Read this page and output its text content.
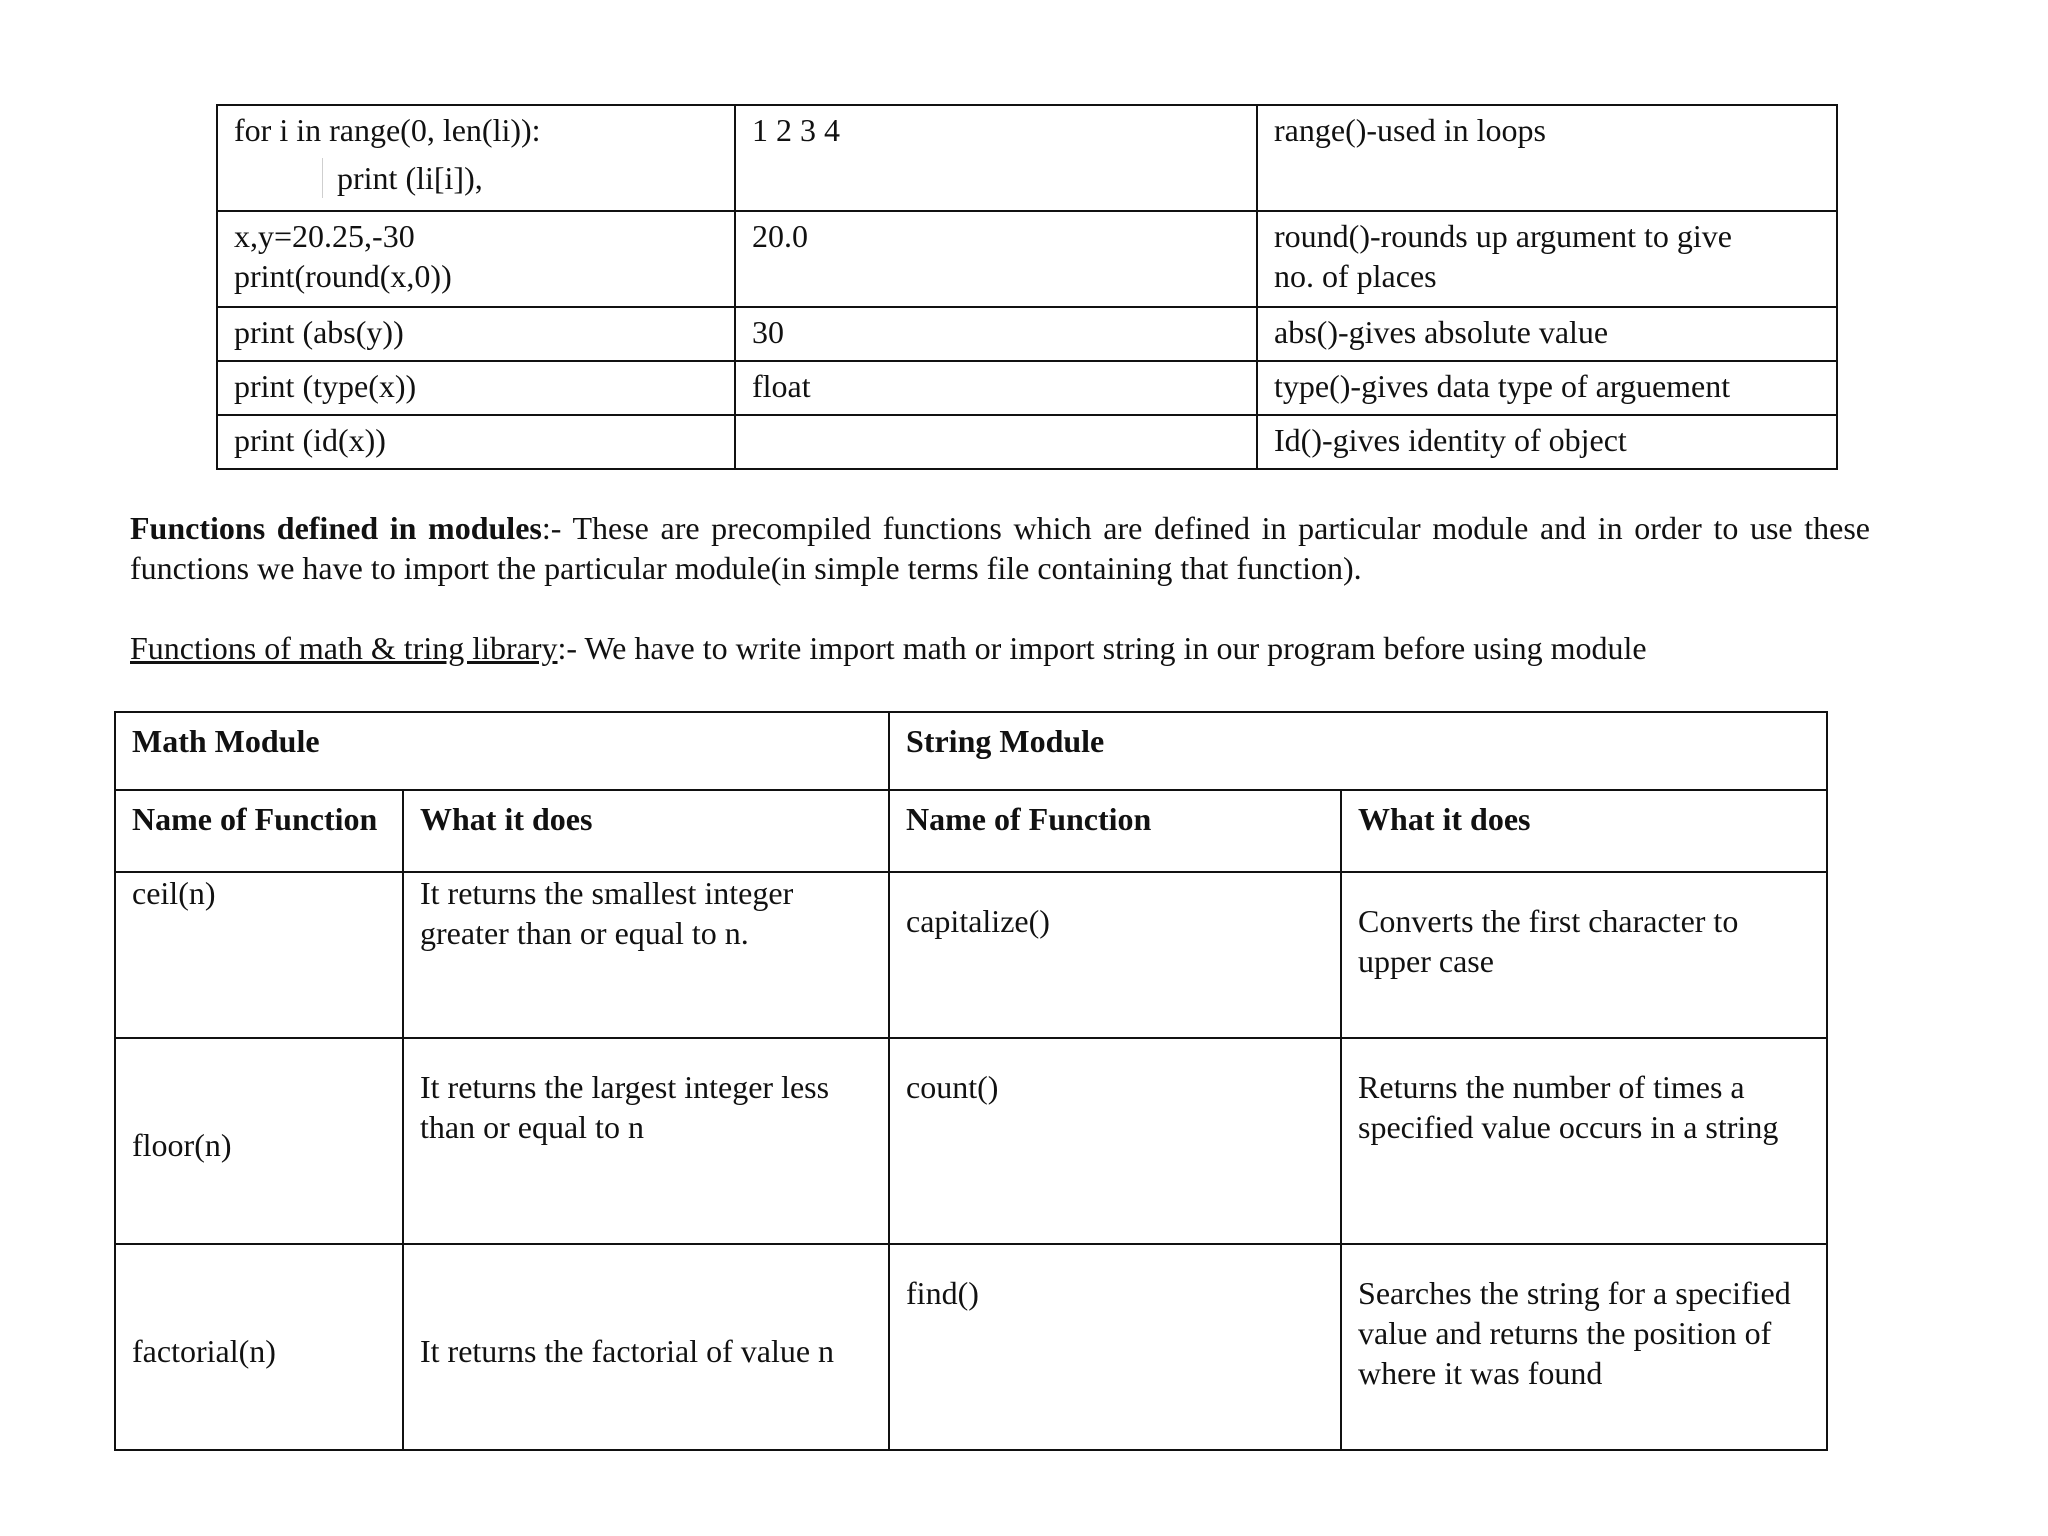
for i in range(0, len(li)):
print (li[i]),	1 2 3 4	range()-used in loops

x,y=20.25,-30
print(round(x,0))	20.0	round()-rounds up argument to give
no. of places

print (abs(y))	30	abs()-gives absolute value

print (type(x))	float	type()-gives data type of arguement

print (id(x))		Id()-gives identity of object

Functions defined in modules:- These are precompiled functions which are defined in particular module and in order to use these functions we have to import the particular module(in simple terms file containing that function).

Functions of math & tring library:- We have to write import math or import string in our program before using module

Math Module		String Module	
Name of Function	What it does	Name of Function	What it does
ceil(n)	It returns the smallest integer greater than or equal to n.	capitalize()	Converts the first character to upper case
floor(n)	It returns the largest integer less than or equal to n	count()	Returns the number of times a specified value occurs in a string
factorial(n)	It returns the factorial of value n	find()	Searches the string for a specified value and returns the position of where it was found
